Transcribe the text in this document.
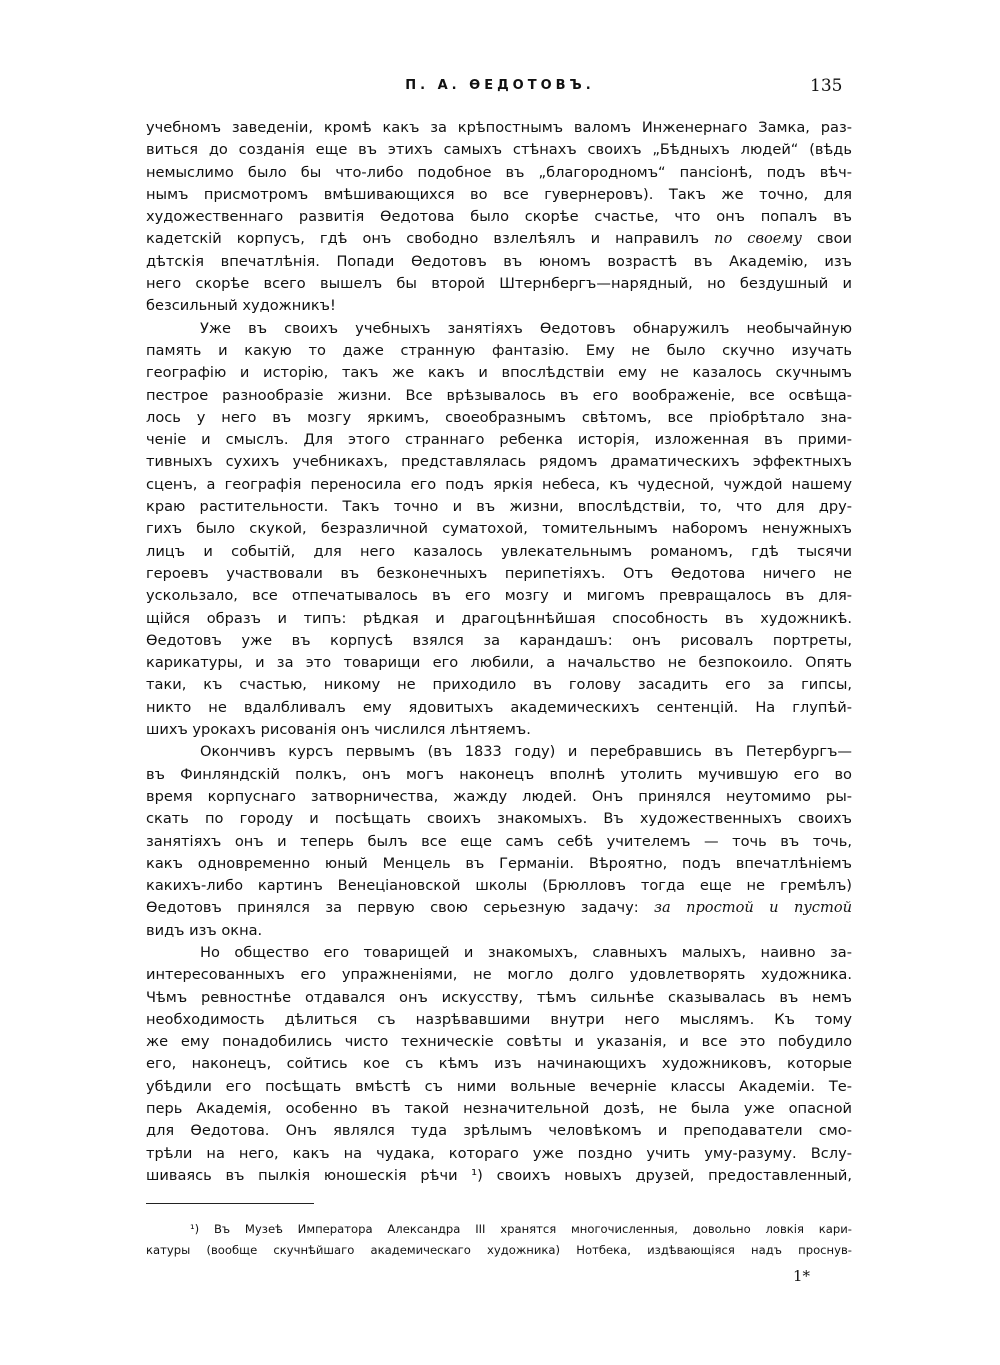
П. А. ѲЕДОТОВЪ.	135
учебномъ заведенiи, кромѣ какъ за крѣпостнымъ валомъ Инженернаго Замка, раз-
виться до созданiя еще въ этихъ самыхъ стѣнахъ своихъ „Бѣдныхъ людей“ (вѣдь
немыслимо было бы что-либо подобное въ „благородномъ“ пансiонѣ, подъ вѣч-
нымъ присмотромъ вмѣшивающихся во все гувернеровъ). Такъ же точно, для
художественнаго развитiя Ѳедотова было скорѣе счастье, что онъ попалъ въ
кадетскiй корпусъ, гдѣ онъ свободно взлелѣялъ и направилъ по своему свои
дѣтскiя впечатлѣнiя. Попади Ѳедотовъ въ юномъ возрастѣ въ Академiю, изъ
него скорѣе всего вышелъ бы второй Штернбергъ—нарядный, но бездушный и
безсильный художникъ!
Уже въ своихъ учебныхъ занятiяхъ Ѳедотовъ обнаружилъ необычайную
память и какую то даже странную фантазiю. Ему не было скучно изучать
географiю и исторiю, такъ же какъ и впослѣдствiи ему не казалось скучнымъ
пестрое разнообразiе жизни. Все врѣзывалось въ его воображенiе, все освѣща-
лось у него въ мозгу яркимъ, своеобразнымъ свѣтомъ, все прiобрѣтало зна-
ченiе и смыслъ. Для этого страннаго ребенка исторiя, изложенная въ прими-
тивныхъ сухихъ учебникахъ, представлялась рядомъ драматическихъ эффектныхъ
сценъ, а географiя переносила его подъ яркiя небеса, къ чудесной, чуждой нашему
краю растительности. Такъ точно и въ жизни, впослѣдствiи, то, что для дру-
гихъ было скукой, безразличной суматохой, томительнымъ наборомъ ненужныхъ
лицъ и событiй, для него казалось увлекательнымъ романомъ, гдѣ тысячи
героевъ участвовали въ безконечныхъ перипетiяхъ. Отъ Ѳедотова ничего не
ускользало, все отпечатывалось въ его мозгу и мигомъ превращалось въ для-
щiйся образъ и типъ: рѣдкая и драгоцѣннѣйшая способность въ художникѣ.
Ѳедотовъ уже въ корпусѣ взялся за карандашъ: онъ рисовалъ портреты,
карикатуры, и за это товарищи его любили, а начальство не безпокоило. Опять
таки, къ счастью, никому не приходило въ голову засадить его за гипсы,
никто не вдалбливалъ ему ядовитыхъ академическихъ сентенцiй. На глупѣй-
шихъ урокахъ рисованiя онъ числился лѣнтяемъ.
Окончивъ курсъ первымъ (въ 1833 году) и перебравшись въ Петербургъ—
въ Финляндскiй полкъ, онъ могъ наконецъ вполнѣ утолить мучившую его во
время корпуснаго затворничества, жажду людей. Онъ принялся неутомимо ры-
скать по городу и посѣщать своихъ знакомыхъ. Въ художественныхъ своихъ
занятiяхъ онъ и теперь былъ все еще самъ себѣ учителемъ — точь въ точь,
какъ одновременно юный Менцель въ Германiи. Вѣроятно, подъ впечатлѣнiемъ
какихъ-либо картинъ Венецiановской школы (Брюлловъ тогда еще не гремѣлъ)
Ѳедотовъ принялся за первую свою серьезную задачу: за простой и пустой
видъ изъ окна.
Но общество его товарищей и знакомыхъ, славныхъ малыхъ, наивно за-
интересованныхъ его упражненiями, не могло долго удовлетворять художника.
Чѣмъ ревностнѣе отдавался онъ искусству, тѣмъ сильнѣе сказывалась въ немъ
необходимость дѣлиться съ назрѣвавшими внутри него мыслямъ. Къ тому
же ему понадобились чисто техническiе совѣты и указанiя, и все это побудило
его, наконецъ, сойтись кое съ кѣмъ изъ начинающихъ художниковъ, которые
убѣдили его посѣщать вмѣстѣ съ ними вольные вечернiе классы Академiи. Те-
перь Академiя, особенно въ такой незначительной дозѣ, не была уже опасной
для Ѳедотова. Онъ являлся туда зрѣлымъ человѣкомъ и преподаватели смо-
трѣли на него, какъ на чудака, котораго уже поздно учить уму-разуму. Вслу-
шиваясь въ пылкiя юношескiя рѣчи ¹) своихъ новыхъ друзей, предоставленный,
¹) Въ Музеѣ Императора Александра III хранятся многочисленныя, довольно ловкiя кари-
катуры (вообще скучнѣйшаго академическаго художника) Нотбека, издѣвающiяся надъ проснув-
1*
